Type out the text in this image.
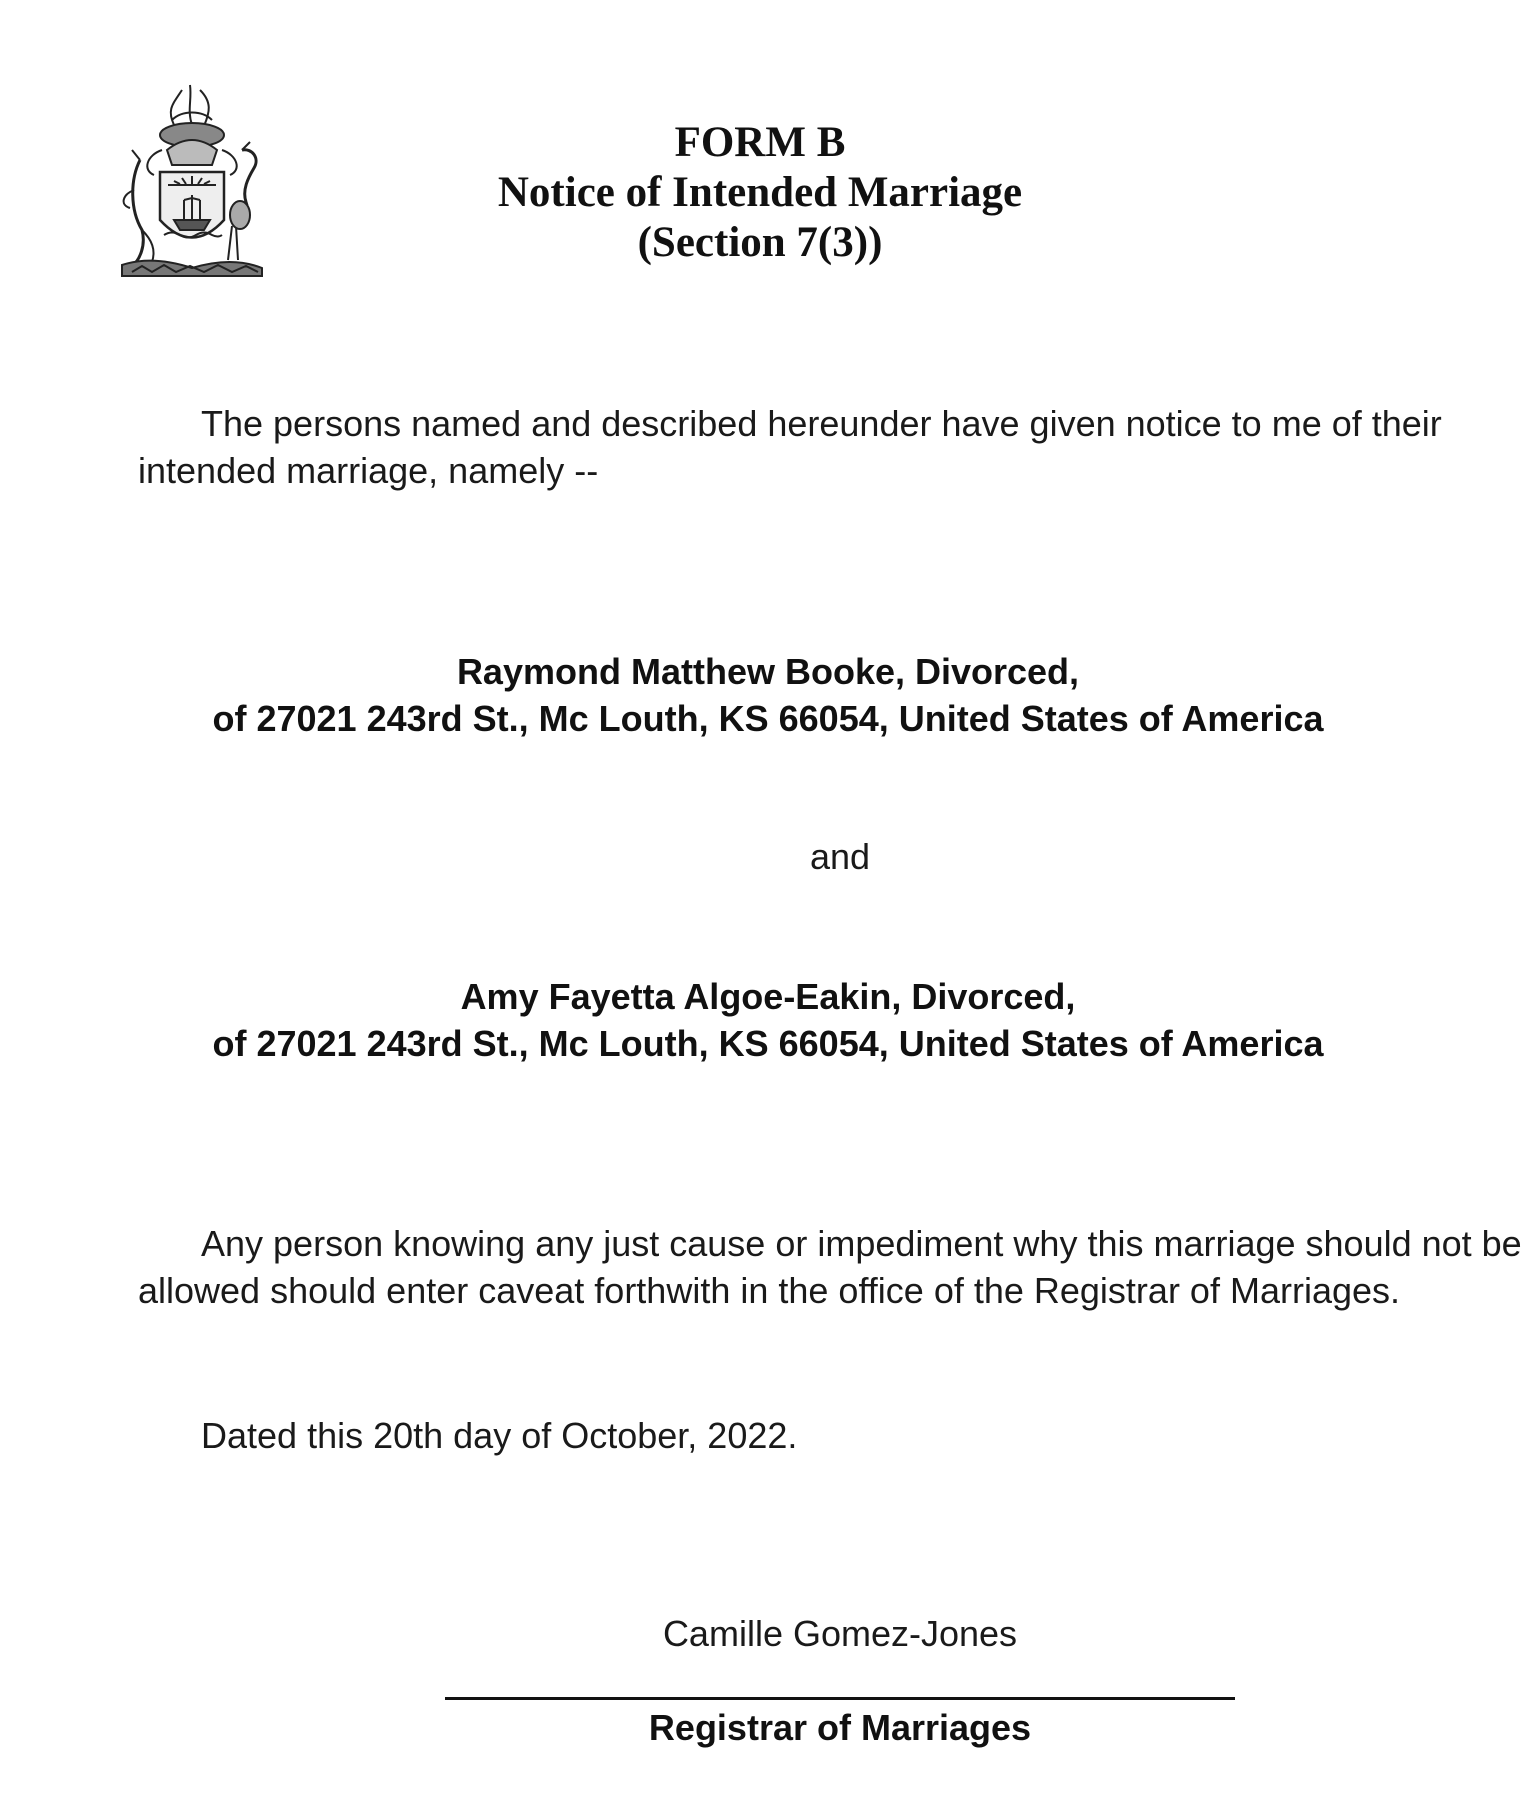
FORM B
Notice of Intended Marriage
(Section 7(3))

The persons named and described hereunder have given notice to me of their intended marriage, namely --

Raymond Matthew Booke, Divorced,
of 27021 243rd St., Mc Louth, KS 66054, United States of America
and
Amy Fayetta Algoe-Eakin, Divorced,
of 27021 243rd St., Mc Louth, KS 66054, United States of America

Any person knowing any just cause or impediment why this marriage should not be allowed should enter caveat forthwith in the office of the Registrar of Marriages.

Dated this 20th day of October, 2022.
Camille Gomez-Jones
Registrar of Marriages
